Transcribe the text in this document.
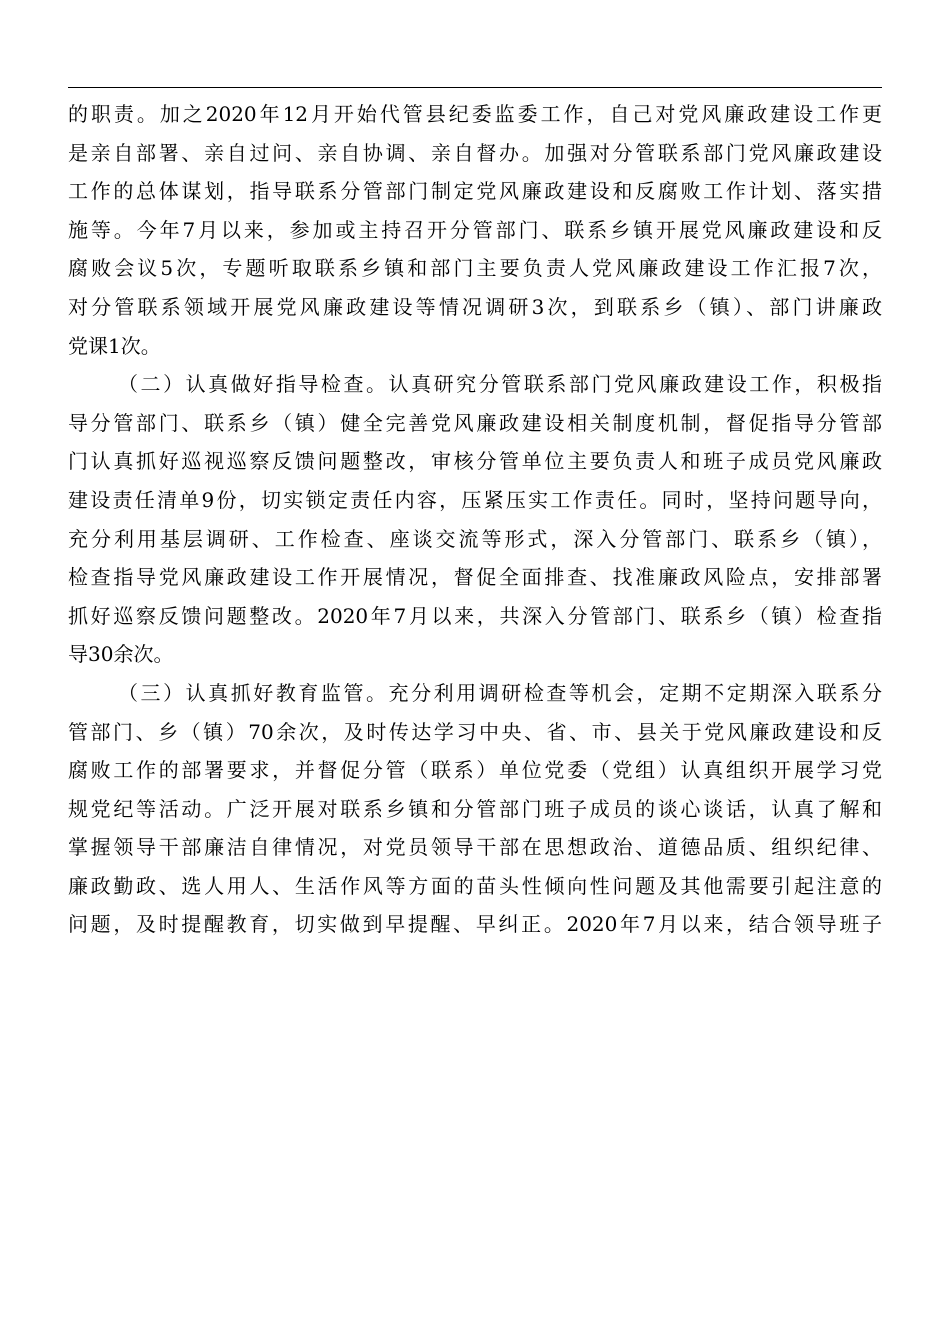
的职责。加之2020年12月开始代管县纪委监委工作，自己对党风廉政建设工作更
是亲自部署、亲自过问、亲自协调、亲自督办。加强对分管联系部门党风廉政建设
工作的总体谋划，指导联系分管部门制定党风廉政建设和反腐败工作计划、落实措
施等。今年7月以来，参加或主持召开分管部门、联系乡镇开展党风廉政建设和反
腐败会议5次，专题听取联系乡镇和部门主要负责人党风廉政建设工作汇报7次，
对分管联系领域开展党风廉政建设等情况调研3次，到联系乡（镇）、部门讲廉政
党课1次。
（二）认真做好指导检查。认真研究分管联系部门党风廉政建设工作，积极指
导分管部门、联系乡（镇）健全完善党风廉政建设相关制度机制，督促指导分管部
门认真抓好巡视巡察反馈问题整改，审核分管单位主要负责人和班子成员党风廉政
建设责任清单9份，切实锁定责任内容，压紧压实工作责任。同时，坚持问题导向，
充分利用基层调研、工作检查、座谈交流等形式，深入分管部门、联系乡（镇），
检查指导党风廉政建设工作开展情况，督促全面排查、找准廉政风险点，安排部署
抓好巡察反馈问题整改。2020年7月以来，共深入分管部门、联系乡（镇）检查指
导30余次。
（三）认真抓好教育监管。充分利用调研检查等机会，定期不定期深入联系分
管部门、乡（镇）70余次，及时传达学习中央、省、市、县关于党风廉政建设和反
腐败工作的部署要求，并督促分管（联系）单位党委（党组）认真组织开展学习党
规党纪等活动。广泛开展对联系乡镇和分管部门班子成员的谈心谈话，认真了解和
掌握领导干部廉洁自律情况，对党员领导干部在思想政治、道德品质、组织纪律、
廉政勤政、选人用人、生活作风等方面的苗头性倾向性问题及其他需要引起注意的
问题，及时提醒教育，切实做到早提醒、早纠正。2020年7月以来，结合领导班子
